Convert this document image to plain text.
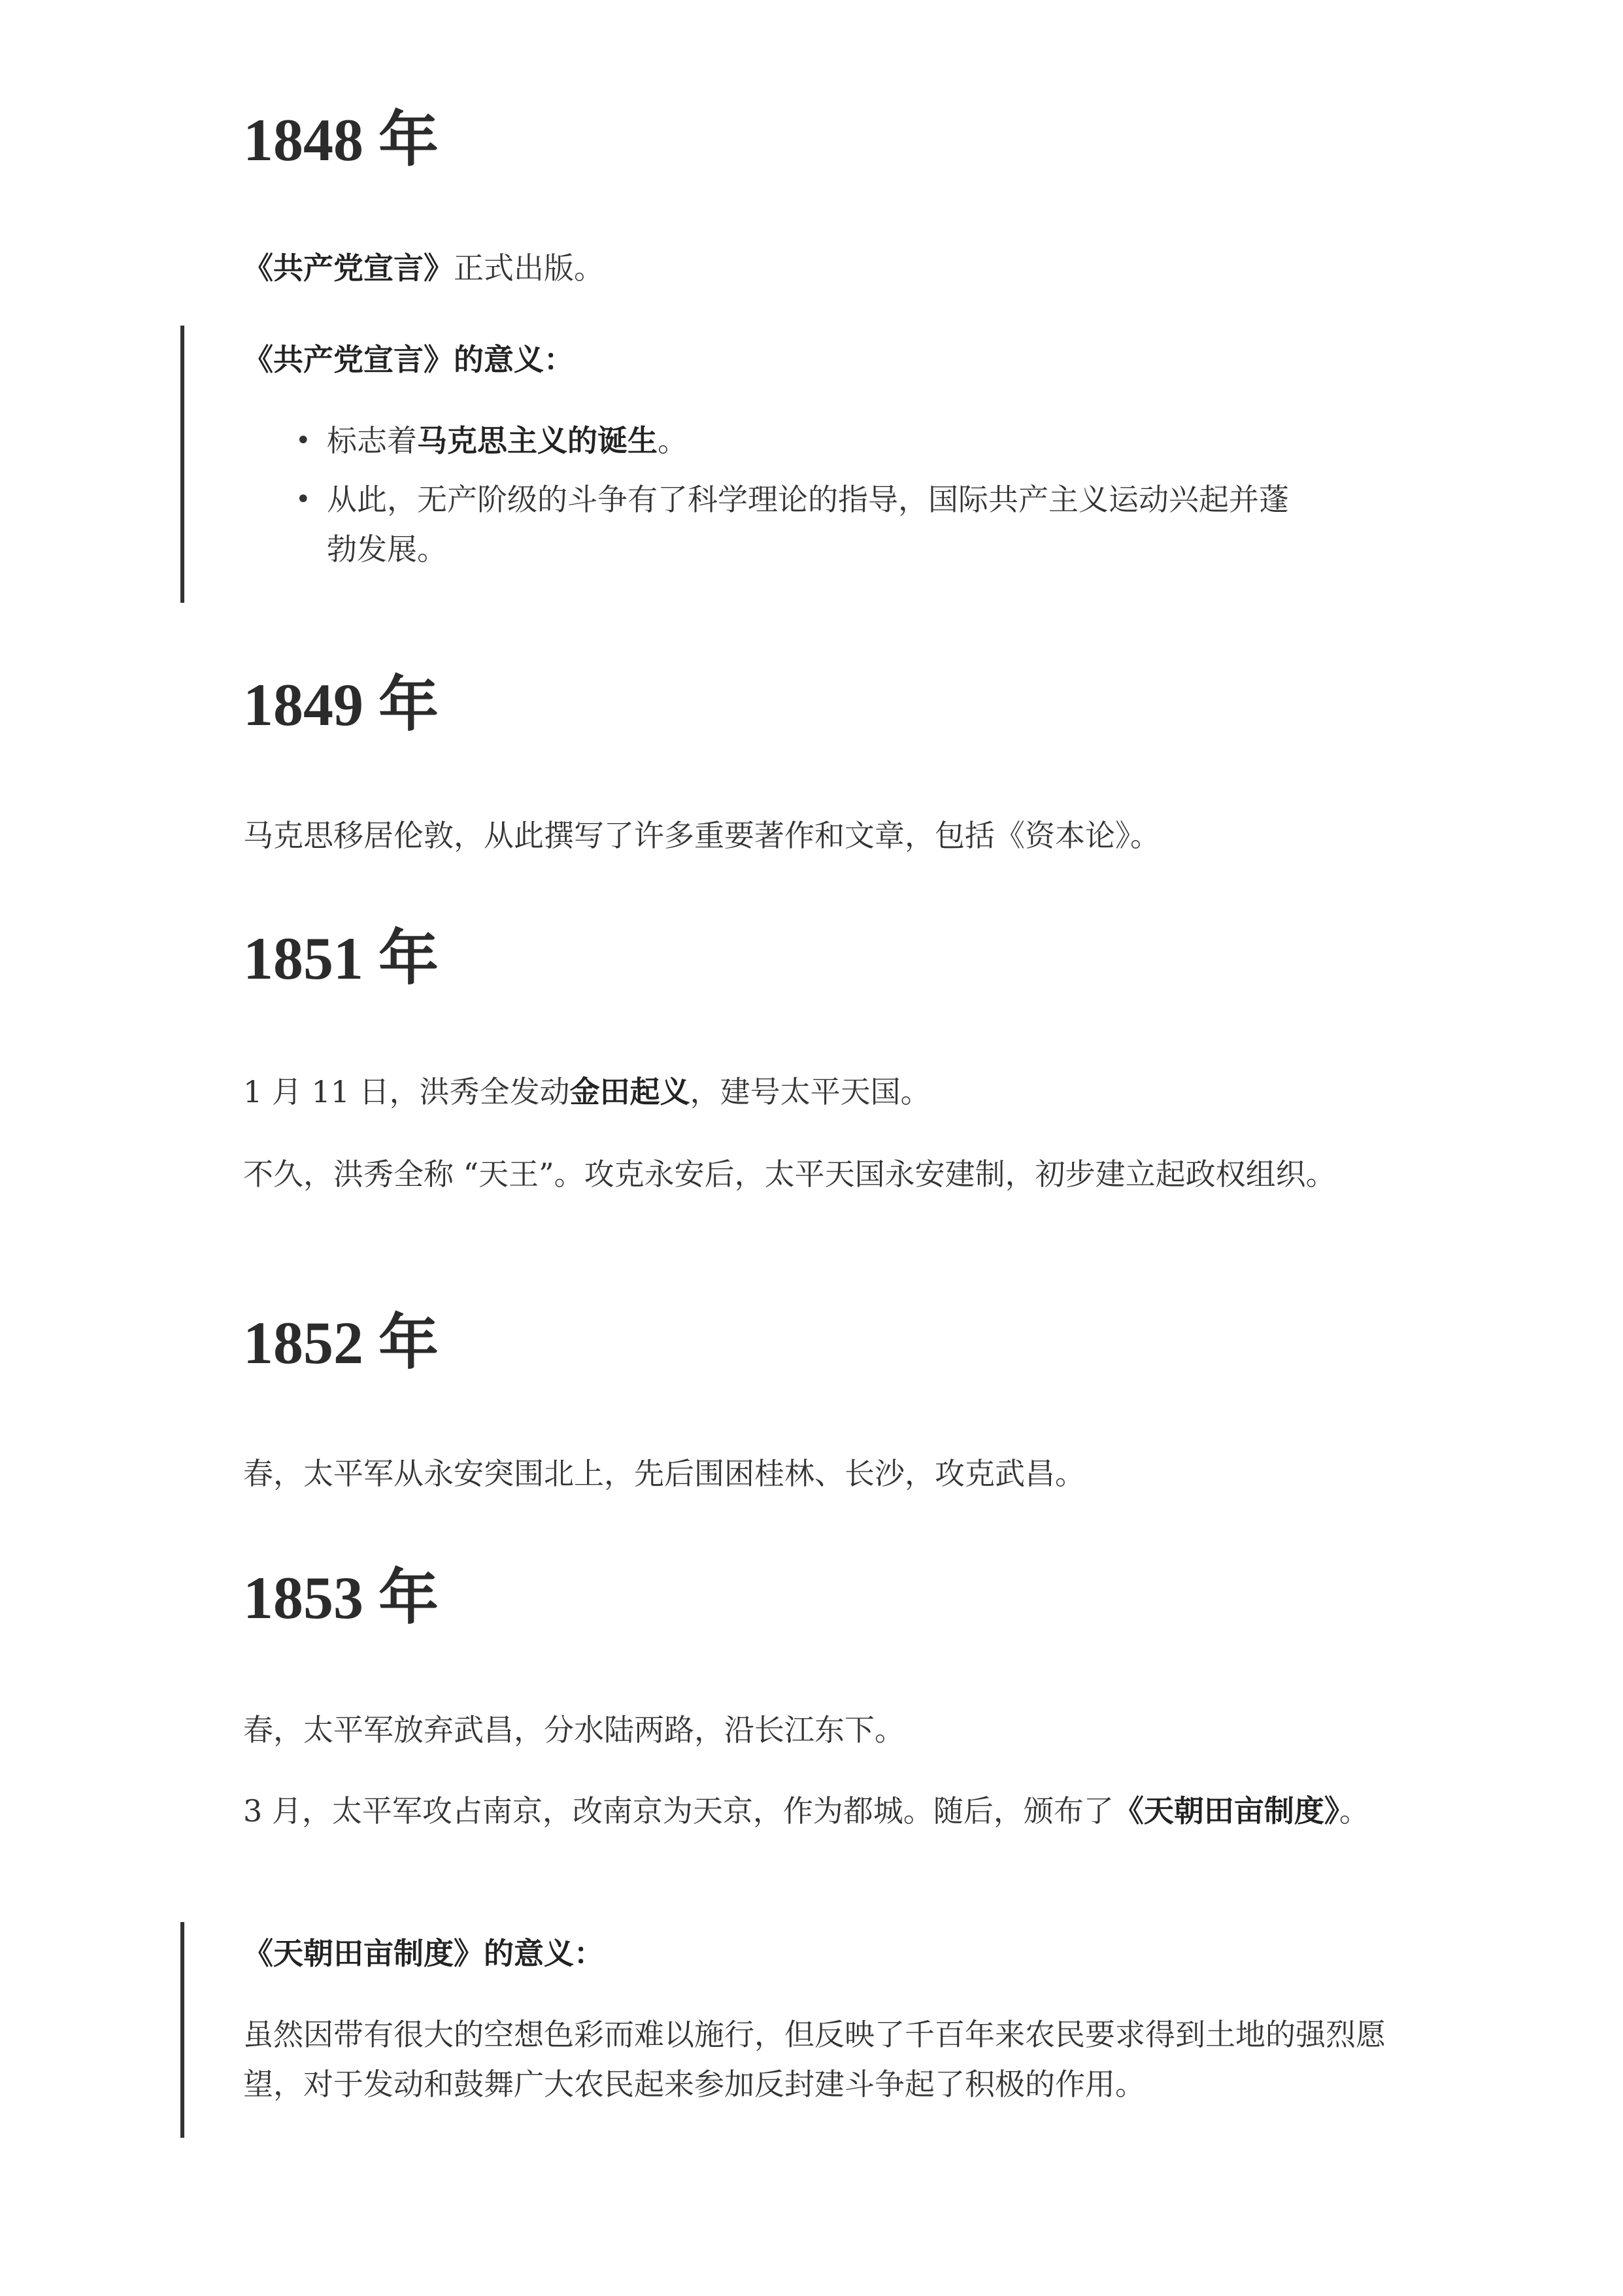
1848 年

《共产党宣言》正式出版。

《共产党宣言》的意义：
• 标志着马克思主义的诞生。
• 从此，无产阶级的斗争有了科学理论的指导，国际共产主义运动兴起并蓬勃发展。
1849 年

马克思移居伦敦，从此撰写了许多重要著作和文章，包括《资本论》。

1851 年

1 月 11 日，洪秀全发动金田起义，建号太平天国。

不久，洪秀全称 “天王”。攻克永安后，太平天国永安建制，初步建立起政权组织。

1852 年

春，太平军从永安突围北上，先后围困桂林、长沙，攻克武昌。

1853 年

春，太平军放弃武昌，分水陆两路，沿长江东下。

3 月，太平军攻占南京，改南京为天京，作为都城。随后，颁布了《天朝田亩制度》。

《天朝田亩制度》的意义：

虽然因带有很大的空想色彩而难以施行，但反映了千百年来农民要求得到土地的强烈愿望，对于发动和鼓舞广大农民起来参加反封建斗争起了积极的作用。
